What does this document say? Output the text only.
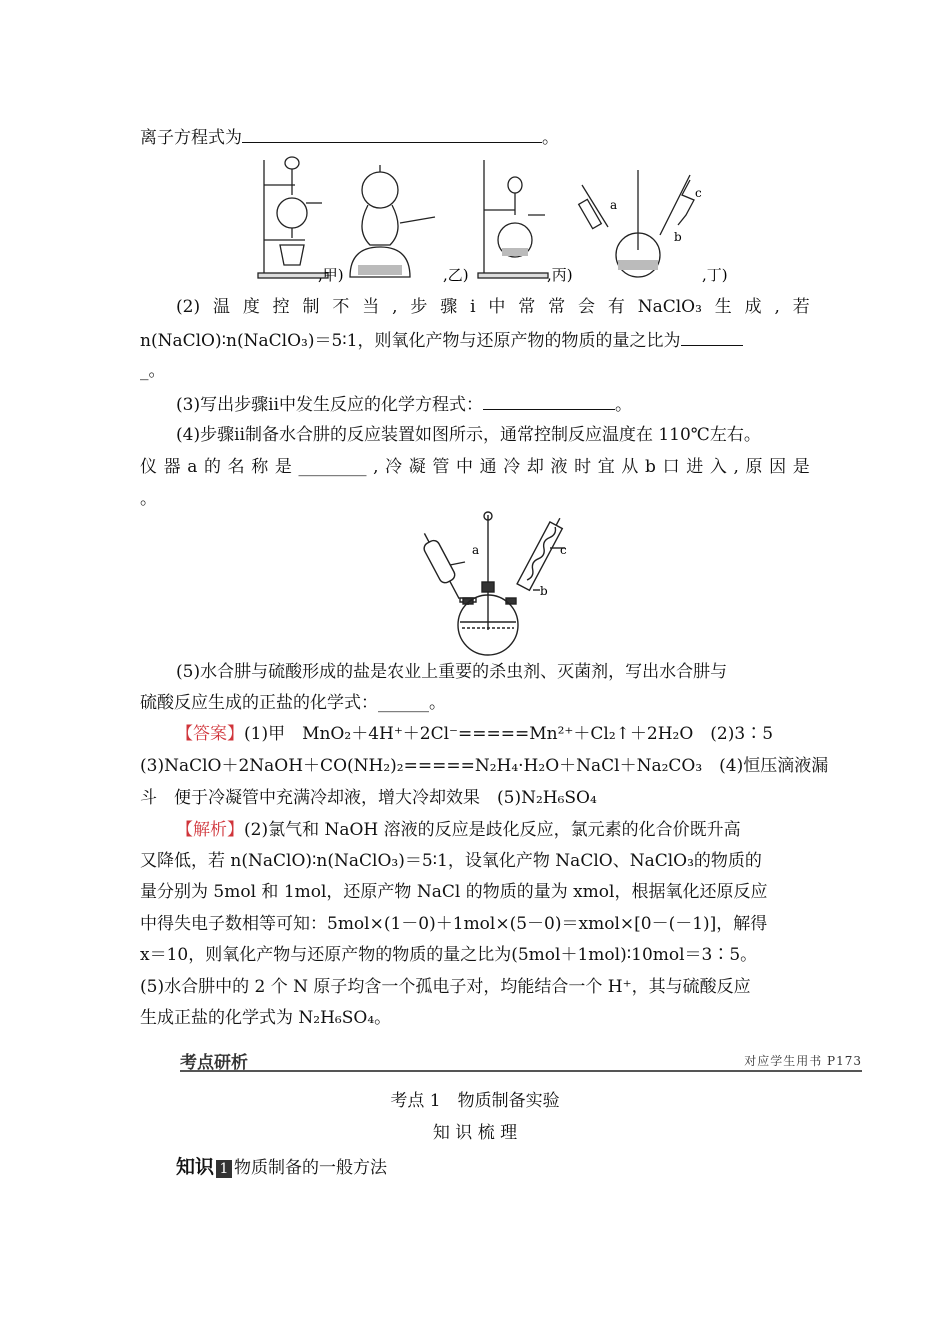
离子方程式为	。
,甲)	,乙)	,丙)
a
c
b
,丁)
(2) 温 度 控 制 不 当 , 步 骤 ⅰ 中 常 常 会 有 NaClO₃ 生 成 , 若
n(NaClO)∶n(NaClO₃)＝5∶1，则氧化产物与还原产物的物质的量之比为
_。
(3)写出步骤ⅱ中发生反应的化学方程式：	。
(4)步骤ⅱ制备水合肼的反应装置如图所示，通常控制反应温度在 110℃左右。
仪 器 a 的 名 称 是 ________ , 冷 凝 管 中 通 冷 却 液 时 宜 从 b 口 进 入 , 原 因 是
。
a	c
b
(5)水合肼与硫酸形成的盐是农业上重要的杀虫剂、灭菌剂，写出水合肼与
硫酸反应生成的正盐的化学式：______。
【答案】(1)甲　MnO₂＋4H⁺＋2Cl⁻=====Mn²⁺＋Cl₂↑＋2H₂O　(2)3∶5
(3)NaClO＋2NaOH＋CO(NH₂)₂=====N₂H₄·H₂O＋NaCl＋Na₂CO₃　(4)恒压滴液漏
斗　便于冷凝管中充满冷却液，增大冷却效果　(5)N₂H₆SO₄
【解析】(2)氯气和 NaOH 溶液的反应是歧化反应，氯元素的化合价既升高
又降低，若 n(NaClO)∶n(NaClO₃)＝5∶1，设氧化产物 NaClO、NaClO₃的物质的
量分别为 5mol 和 1mol，还原产物 NaCl 的物质的量为 xmol，根据氧化还原反应
中得失电子数相等可知：5mol×(1－0)＋1mol×(5－0)＝xmol×[0－(－1)]，解得
x＝10，则氧化产物与还原产物的物质的量之比为(5mol＋1mol)∶10mol＝3∶5。
(5)水合肼中的 2 个 N 原子均含一个孤电子对，均能结合一个 H⁺，其与硫酸反应
生成正盐的化学式为 N₂H₆SO₄。
考点研析	对应学生用书 P173
考点 1　物质制备实验
知 识 梳 理
知识 1 物质制备的一般方法
